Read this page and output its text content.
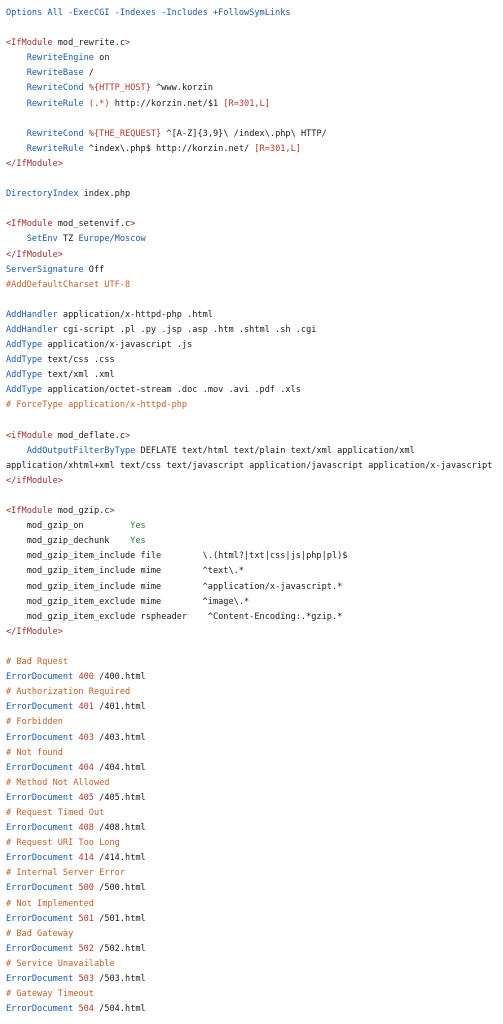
Options All -ExecCGI -Indexes -Includes +FollowSymLinks
<IfModule mod_rewrite.c>
RewriteEngine on
RewriteBase /
RewriteCond %{HTTP_HOST} ^www.korzin
RewriteRule (.*) http://korzin.net/$1 [R=301,L]
RewriteCond %{THE_REQUEST} ^[A-Z]{3,9}\ /index\.php\ HTTP/
RewriteRule ^index\.php$ http://korzin.net/ [R=301,L]
</IfModule>
DirectoryIndex index.php
<IfModule mod_setenvif.c>
SetEnv TZ Europe/Moscow
</IfModule>
ServerSignature Off
#AddDefaultCharset UTF-8
AddHandler application/x-httpd-php .html
AddHandler cgi-script .pl .py .jsp .asp .htm .shtml .sh .cgi
AddType application/x-javascript .js
AddType text/css .css
AddType text/xml .xml
AddType application/octet-stream .doc .mov .avi .pdf .xls
# ForceType application/x-httpd-php
<ifModule mod_deflate.c>
AddOutputFilterByType DEFLATE text/html text/plain text/xml application/xml
application/xhtml+xml text/css text/javascript application/javascript application/x-javascript
</ifModule>
<IfModule mod_gzip.c>
mod_gzip_on         Yes
mod_gzip_dechunk    Yes
mod_gzip_item_include file        \.(html?|txt|css|js|php|pl)$
mod_gzip_item_include mime        ^text\.*
mod_gzip_item_include mime        ^application/x-javascript.*
mod_gzip_item_exclude mime        ^image\.*
mod_gzip_item_exclude rspheader    ^Content-Encoding:.*gzip.*
</IfModule>
# Bad Rquest
ErrorDocument 400 /400.html
# Authorization Required
ErrorDocument 401 /401.html
# Forbidden
ErrorDocument 403 /403.html
# Not found
ErrorDocument 404 /404.html
# Method Not Allowed
ErrorDocument 405 /405.html
# Request Timed Out
ErrorDocument 408 /408.html
# Request URI Too Long
ErrorDocument 414 /414.html
# Internal Server Error
ErrorDocument 500 /500.html
# Not Implemented
ErrorDocument 501 /501.html
# Bad Gateway
ErrorDocument 502 /502.html
# Service Unavailable
ErrorDocument 503 /503.html
# Gateway Timeout
ErrorDocument 504 /504.html
